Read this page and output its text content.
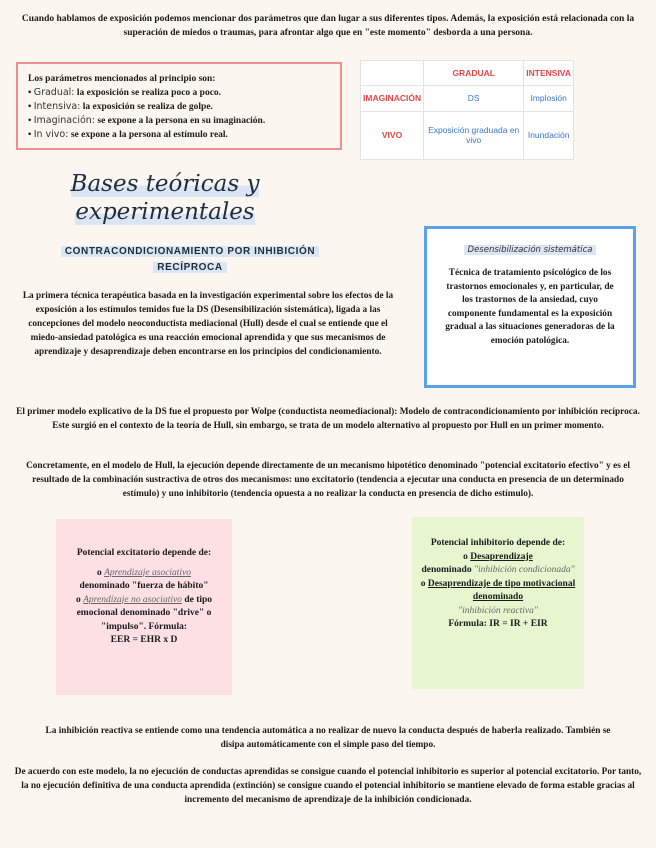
Cuando hablamos de exposición podemos mencionar dos parámetros que dan lugar a sus diferentes tipos. Además, la exposición está relacionada con la superación de miedos o traumas, para afrontar algo que en "este momento" desborda a una persona.
Los parámetros mencionados al principio son:
• Gradual: la exposición se realiza poco a poco.
• Intensiva: la exposición se realiza de golpe.
• Imaginación: se expone a la persona en su imaginación.
• In vivo: se expone a la persona al estímulo real.
	GRADUAL	INTENSIVA
IMAGINACIÓN	DS	Implosión
VIVO	Exposición graduada en vivo	Inundación
Bases teóricas y
experimentales
CONTRACONDICIONAMIENTO POR INHIBICIÓN
RECÍPROCA
La primera técnica terapéutica basada en la investigación experimental sobre los efectos de la exposición a los estímulos temidos fue la DS (Desensibilización sistemática), ligada a las concepciones del modelo neoconductista mediacional (Hull) desde el cual se entiende que el miedo-ansiedad patológica es una reacción emocional aprendida y que sus mecanismos de aprendizaje y desaprendizaje deben encontrarse en los principios del condicionamiento.
Desensibilización sistemática
Técnica de tratamiento psicológico de los trastornos emocionales y, en particular, de los trastornos de la ansiedad, cuyo componente fundamental es la exposición gradual a las situaciones generadoras de la emoción patológica.
El primer modelo explicativo de la DS fue el propuesto por Wolpe (conductista neomediacional): Modelo de contracondicionamiento por inhibición recíproca. Este surgió en el contexto de la teoría de Hull, sin embargo, se trata de un modelo alternativo al propuesto por Hull en un primer momento.
Concretamente, en el modelo de Hull, la ejecución depende directamente de un mecanismo hipotético denominado "potencial excitatorio efectivo" y es el resultado de la combinación sustractiva de otros dos mecanismos: uno excitatorio (tendencia a ejecutar una conducta en presencia de un determinado estímulo) y uno inhibitorio (tendencia opuesta a no realizar la conducta en presencia de dicho estímulo).
Potencial excitatorio depende de:
o Aprendizaje asociativo
denominado "fuerza de hábito"
o Aprendizaje no asociativo de tipo emocional denominado "drive" o "impulso". Fórmula:
EER = EHR x D
Potencial inhibitorio depende de:
o Desaprendizaje
denominado "inhibición condicionada"
o Desaprendizaje de tipo motivacional denominado
"inhibición reactiva"
Fórmula: IR = IR + EIR
La inhibición reactiva se entiende como una tendencia automática a no realizar de nuevo la conducta después de haberla realizado. También se disipa automáticamente con el simple paso del tiempo.
De acuerdo con este modelo, la no ejecución de conductas aprendidas se consigue cuando el potencial inhibitorio es superior al potencial excitatorio. Por tanto, la no ejecución definitiva de una conducta aprendida (extinción) se consigue cuando el potencial inhibitorio se mantiene elevado de forma estable gracias al incremento del mecanismo de aprendizaje de la inhibición condicionada.
